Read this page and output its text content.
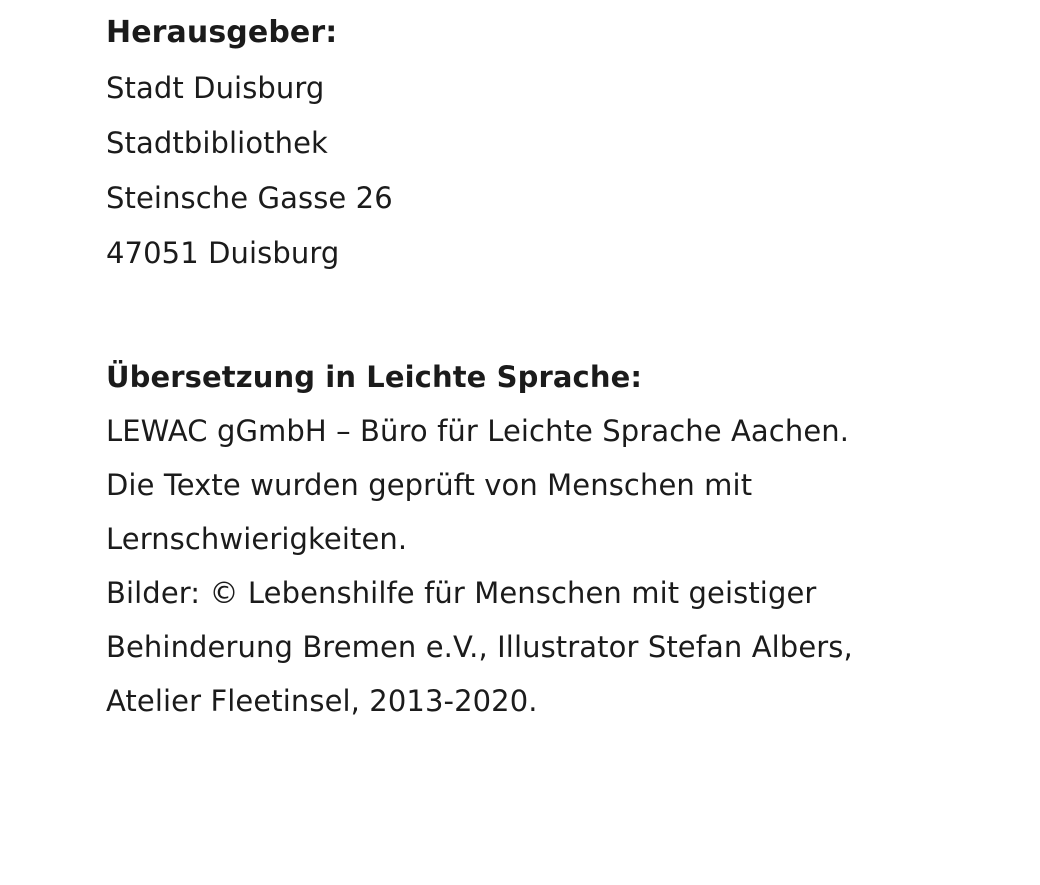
Herausgeber:

Stadt Duisburg

Stadtbibliothek

Steinsche Gasse 26

47051 Duisburg

Übersetzung in Leichte Sprache:

LEWAC gGmbH – Büro für Leichte Sprache Aachen.

Die Texte wurden geprüft von Menschen mit

Lernschwierigkeiten.

Bilder: © Lebenshilfe für Menschen mit geistiger

Behinderung Bremen e.V., Illustrator Stefan Albers,

Atelier Fleetinsel, 2013-2020.
